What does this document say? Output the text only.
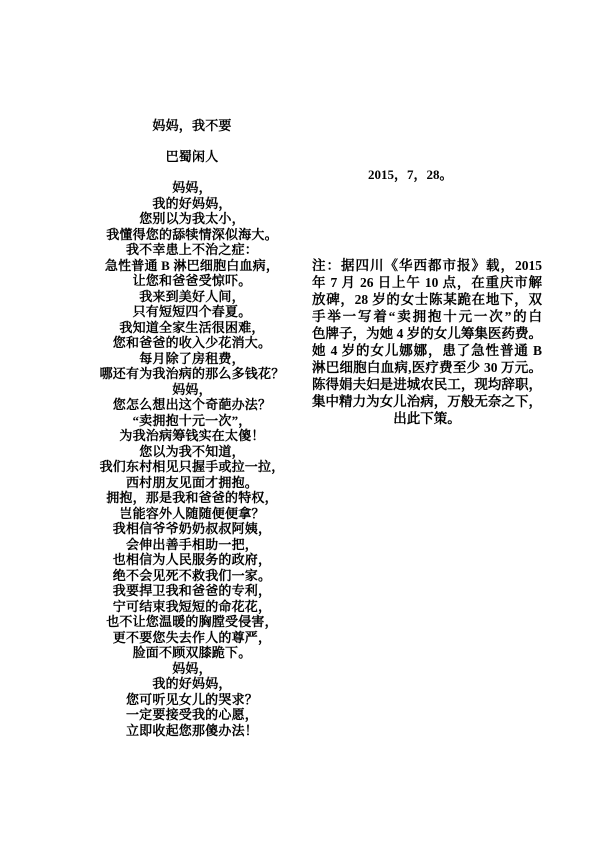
妈妈，我不要
巴蜀闲人
妈妈，
我的好妈妈，
您别以为我太小，
我懂得您的舔犊情深似海大。
我不幸患上不治之症：
急性普通 B 淋巴细胞白血病，
让您和爸爸受惊吓。
我来到美好人间，
只有短短四个春夏。
我知道全家生活很困难，
您和爸爸的收入少花消大。
每月除了房租费，
哪还有为我治病的那么多钱花？
妈妈，
您怎么想出这个奇葩办法？
“卖拥抱十元一次”，
为我治病筹钱实在太傻！
您以为我不知道，
我们东村相见只握手或拉一拉，
西村朋友见面才拥抱。
拥抱，那是我和爸爸的特权，
岂能容外人随随便便拿？
我相信爷爷奶奶叔叔阿姨，
会伸出善手相助一把，
也相信为人民服务的政府，
绝不会见死不救我们一家。
我要捍卫我和爸爸的专利，
宁可结束我短短的命花花，
也不让您温暖的胸膛受侵害，
更不要您失去作人的尊严，
脸面不顾双膝跪下。
妈妈，
我的好妈妈，
您可听见女儿的哭求？
一定要接受我的心愿，
立即收起您那傻办法！
2015，7，28。
注：据四川《华西都市报》载，2015
年 7 月 26 日上午 10 点，在重庆市解
放碑，28 岁的女士陈某跪在地下，双
手举一写着“卖拥抱十元一次”的白
色牌子，为她 4 岁的女儿筹集医药费。
她 4 岁的女儿娜娜，患了急性普通 B
淋巴细胞白血病,医疗费至少 30 万元。
陈得娟夫妇是进城农民工，现均辞职，
集中精力为女儿治病，万般无奈之下，
出此下策。
